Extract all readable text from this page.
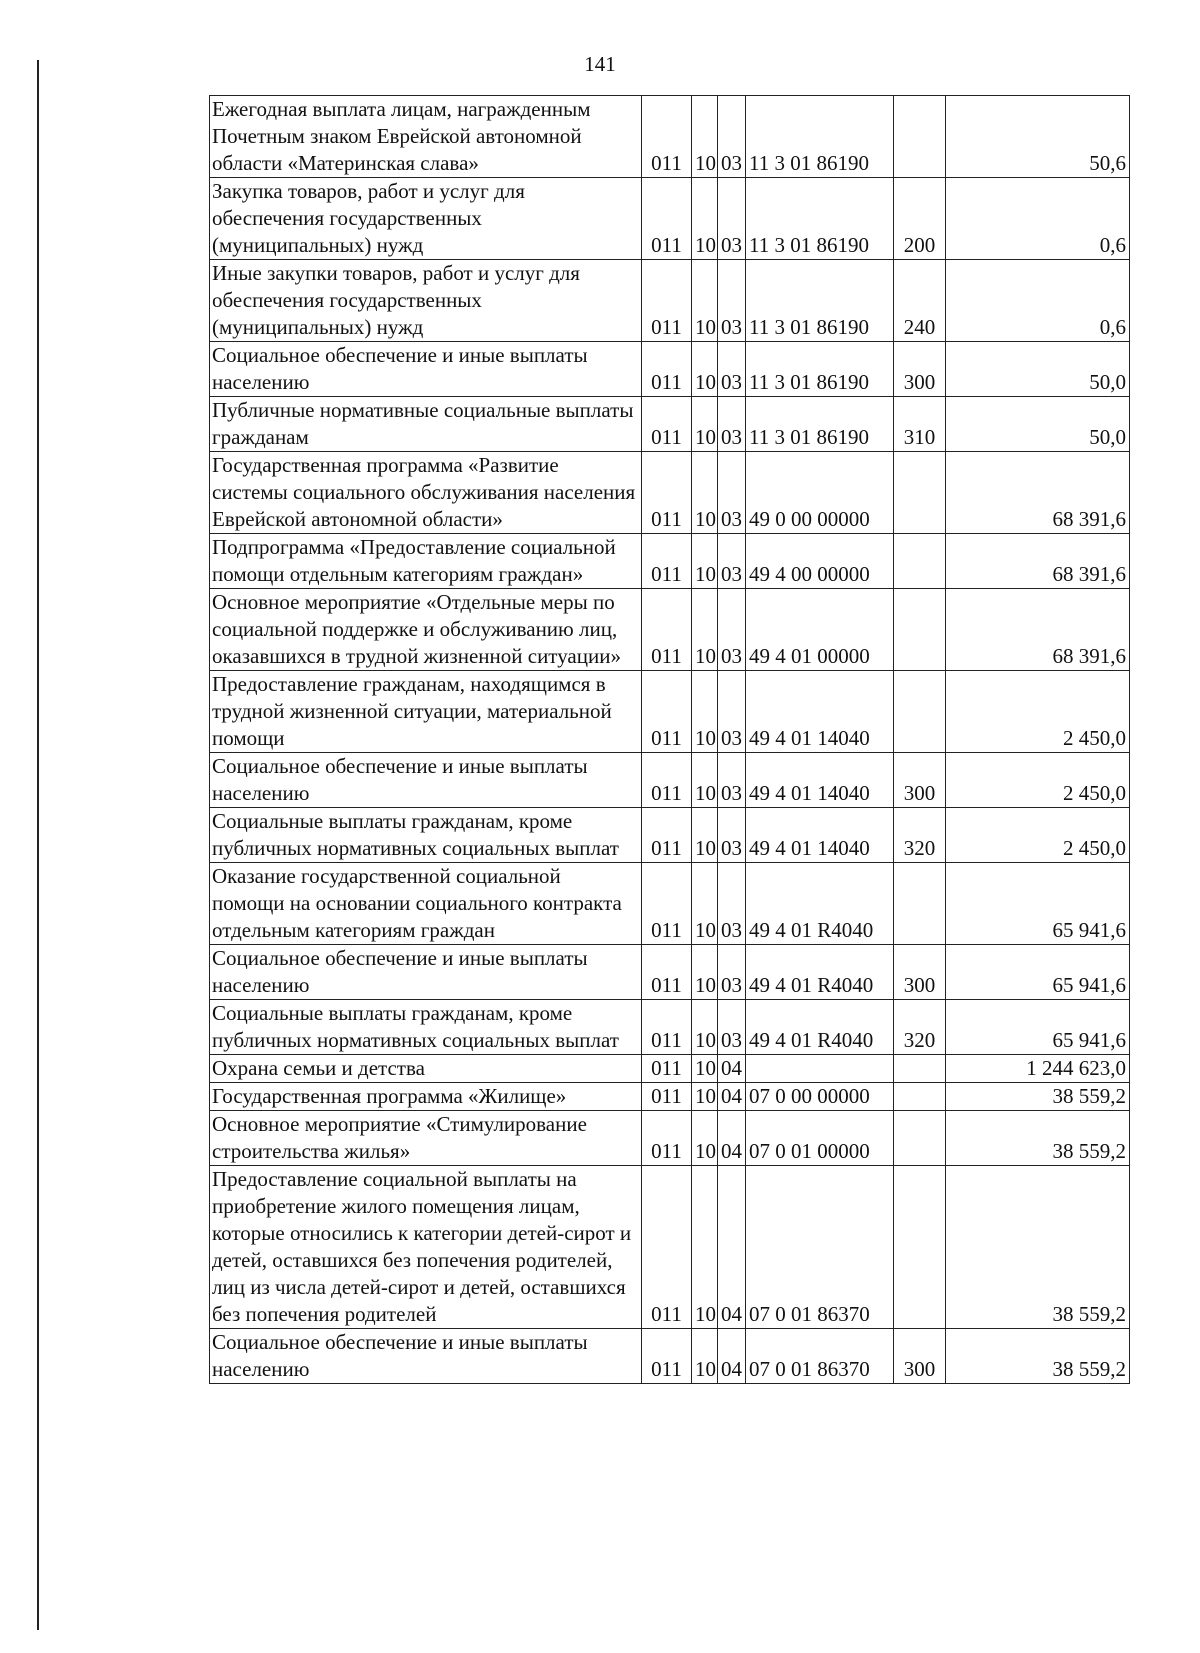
141
Ежегодная выплата лицам, награжденным Почетным знаком Еврейской автономной области «Материнская слава»	011	10	03	11 3 01 86190		50,6
Закупка товаров, работ и услуг для обеспечения государственных (муниципальных) нужд	011	10	03	11 3 01 86190	200	0,6
Иные закупки товаров, работ и услуг для обеспечения государственных (муниципальных) нужд	011	10	03	11 3 01 86190	240	0,6
Социальное обеспечение и иные выплаты населению	011	10	03	11 3 01 86190	300	50,0
Публичные нормативные социальные выплаты гражданам	011	10	03	11 3 01 86190	310	50,0
Государственная программа «Развитие системы социального обслуживания населения Еврейской автономной области»	011	10	03	49 0 00 00000		68 391,6
Подпрограмма «Предоставление социальной помощи отдельным категориям граждан»	011	10	03	49 4 00 00000		68 391,6
Основное мероприятие «Отдельные меры по социальной поддержке и обслуживанию лиц, оказавшихся в трудной жизненной ситуации»	011	10	03	49 4 01 00000		68 391,6
Предоставление гражданам, находящимся в трудной жизненной ситуации, материальной помощи	011	10	03	49 4 01 14040		2 450,0
Социальное обеспечение и иные выплаты населению	011	10	03	49 4 01 14040	300	2 450,0
Социальные выплаты гражданам, кроме публичных нормативных социальных выплат	011	10	03	49 4 01 14040	320	2 450,0
Оказание государственной социальной помощи на основании социального контракта отдельным категориям граждан	011	10	03	49 4 01 R4040		65 941,6
Социальное обеспечение и иные выплаты населению	011	10	03	49 4 01 R4040	300	65 941,6
Социальные выплаты гражданам, кроме публичных нормативных социальных выплат	011	10	03	49 4 01 R4040	320	65 941,6
Охрана семьи и детства	011	10	04			1 244 623,0
Государственная программа «Жилище»	011	10	04	07 0 00 00000		38 559,2
Основное мероприятие «Стимулирование строительства жилья»	011	10	04	07 0 01 00000		38 559,2
Предоставление социальной выплаты на приобретение жилого помещения лицам, которые относились к категории детей-сирот и детей, оставшихся без попечения родителей, лиц из числа детей-сирот и детей, оставшихся без попечения родителей	011	10	04	07 0 01 86370		38 559,2
Социальное обеспечение и иные выплаты населению	011	10	04	07 0 01 86370	300	38 559,2
